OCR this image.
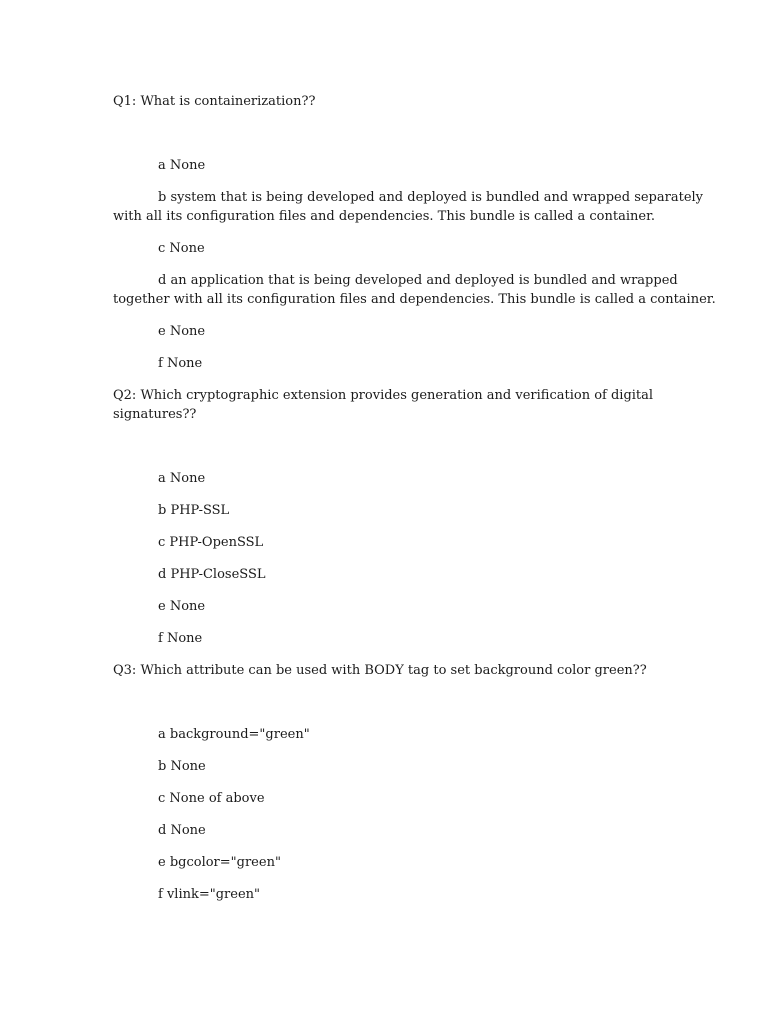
Q1: What is containerization??
a None
b system that is being developed and deployed is bundled and wrapped separately
with all its configuration files and dependencies. This bundle is called a container.
c None
d an application that is being developed and deployed is bundled and wrapped
together with all its configuration files and dependencies. This bundle is called a container.
e None
f None
Q2: Which cryptographic extension provides generation and verification of digital
signatures??
a None
b PHP-SSL
c PHP-OpenSSL
d PHP-CloseSSL
e None
f None
Q3: Which attribute can be used with BODY tag to set background color green??
a background="green"
b None
c None of above
d None
e bgcolor="green"
f vlink="green"
